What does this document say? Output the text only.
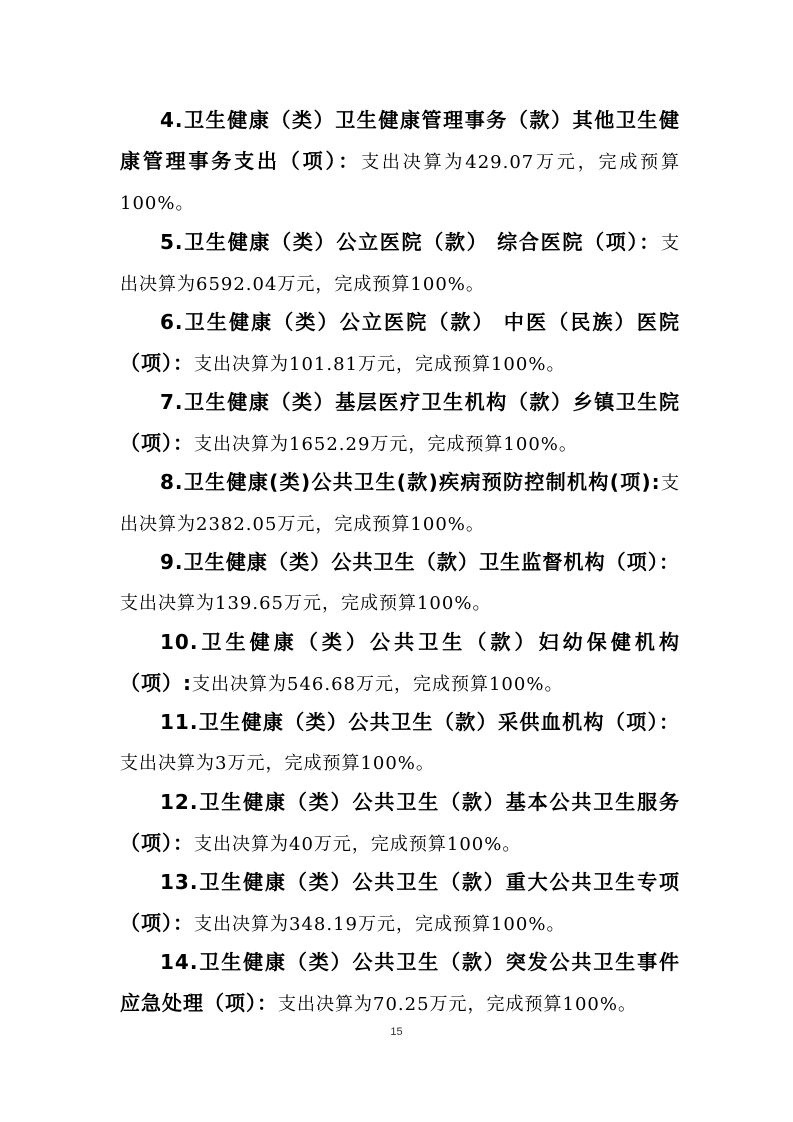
4.卫生健康（类）卫生健康管理事务（款）其他卫生健康管理事务支出（项）：支出决算为429.07万元，完成预算100%。

5.卫生健康（类）公立医院（款） 综合医院（项）：支出决算为6592.04万元，完成预算100%。

6.卫生健康（类）公立医院（款） 中医（民族）医院（项）：支出决算为101.81万元，完成预算100%。

7.卫生健康（类）基层医疗卫生机构（款）乡镇卫生院（项）：支出决算为1652.29万元，完成预算100%。

8.卫生健康(类)公共卫生(款)疾病预防控制机构(项):支出决算为2382.05万元，完成预算100%。

9.卫生健康（类）公共卫生（款）卫生监督机构（项）：支出决算为139.65万元，完成预算100%。

10.卫生健康（类）公共卫生（款）妇幼保健机构（项）:支出决算为546.68万元，完成预算100%。

11.卫生健康（类）公共卫生（款）采供血机构（项）：支出决算为3万元，完成预算100%。

12.卫生健康（类）公共卫生（款）基本公共卫生服务（项）：支出决算为40万元，完成预算100%。

13.卫生健康（类）公共卫生（款）重大公共卫生专项（项）：支出决算为348.19万元，完成预算100%。

14.卫生健康（类）公共卫生（款）突发公共卫生事件应急处理（项）：支出决算为70.25万元，完成预算100%。

15
